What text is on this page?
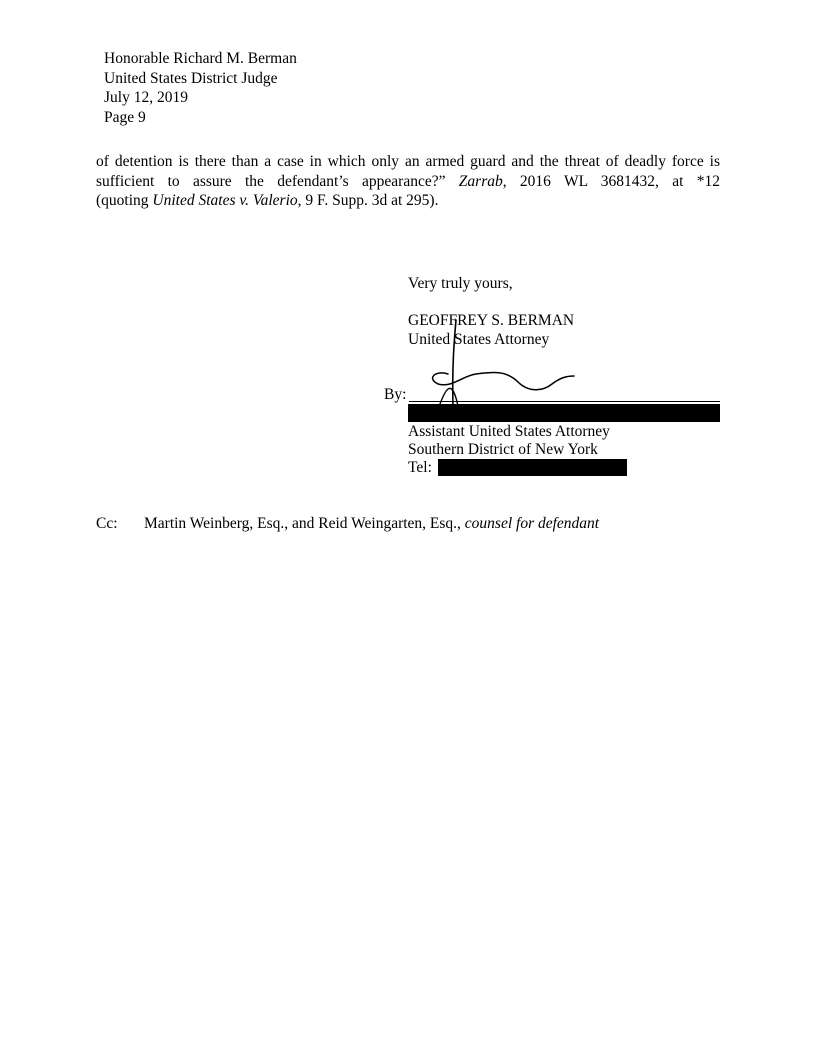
Honorable Richard M. Berman
United States District Judge
July 12, 2019
Page 9
of detention is there than a case in which only an armed guard and the threat of deadly force is
sufficient to assure the defendant’s appearance?” Zarrab, 2016 WL 3681432, at *12
(quoting United States v. Valerio, 9 F. Supp. 3d at 295).
Very truly yours,
GEOFFREY S. BERMAN
United States Attorney
By:
Assistant United States Attorney
Southern District of New York
Tel:
Cc: Martin Weinberg, Esq., and Reid Weingarten, Esq., counsel for defendant
